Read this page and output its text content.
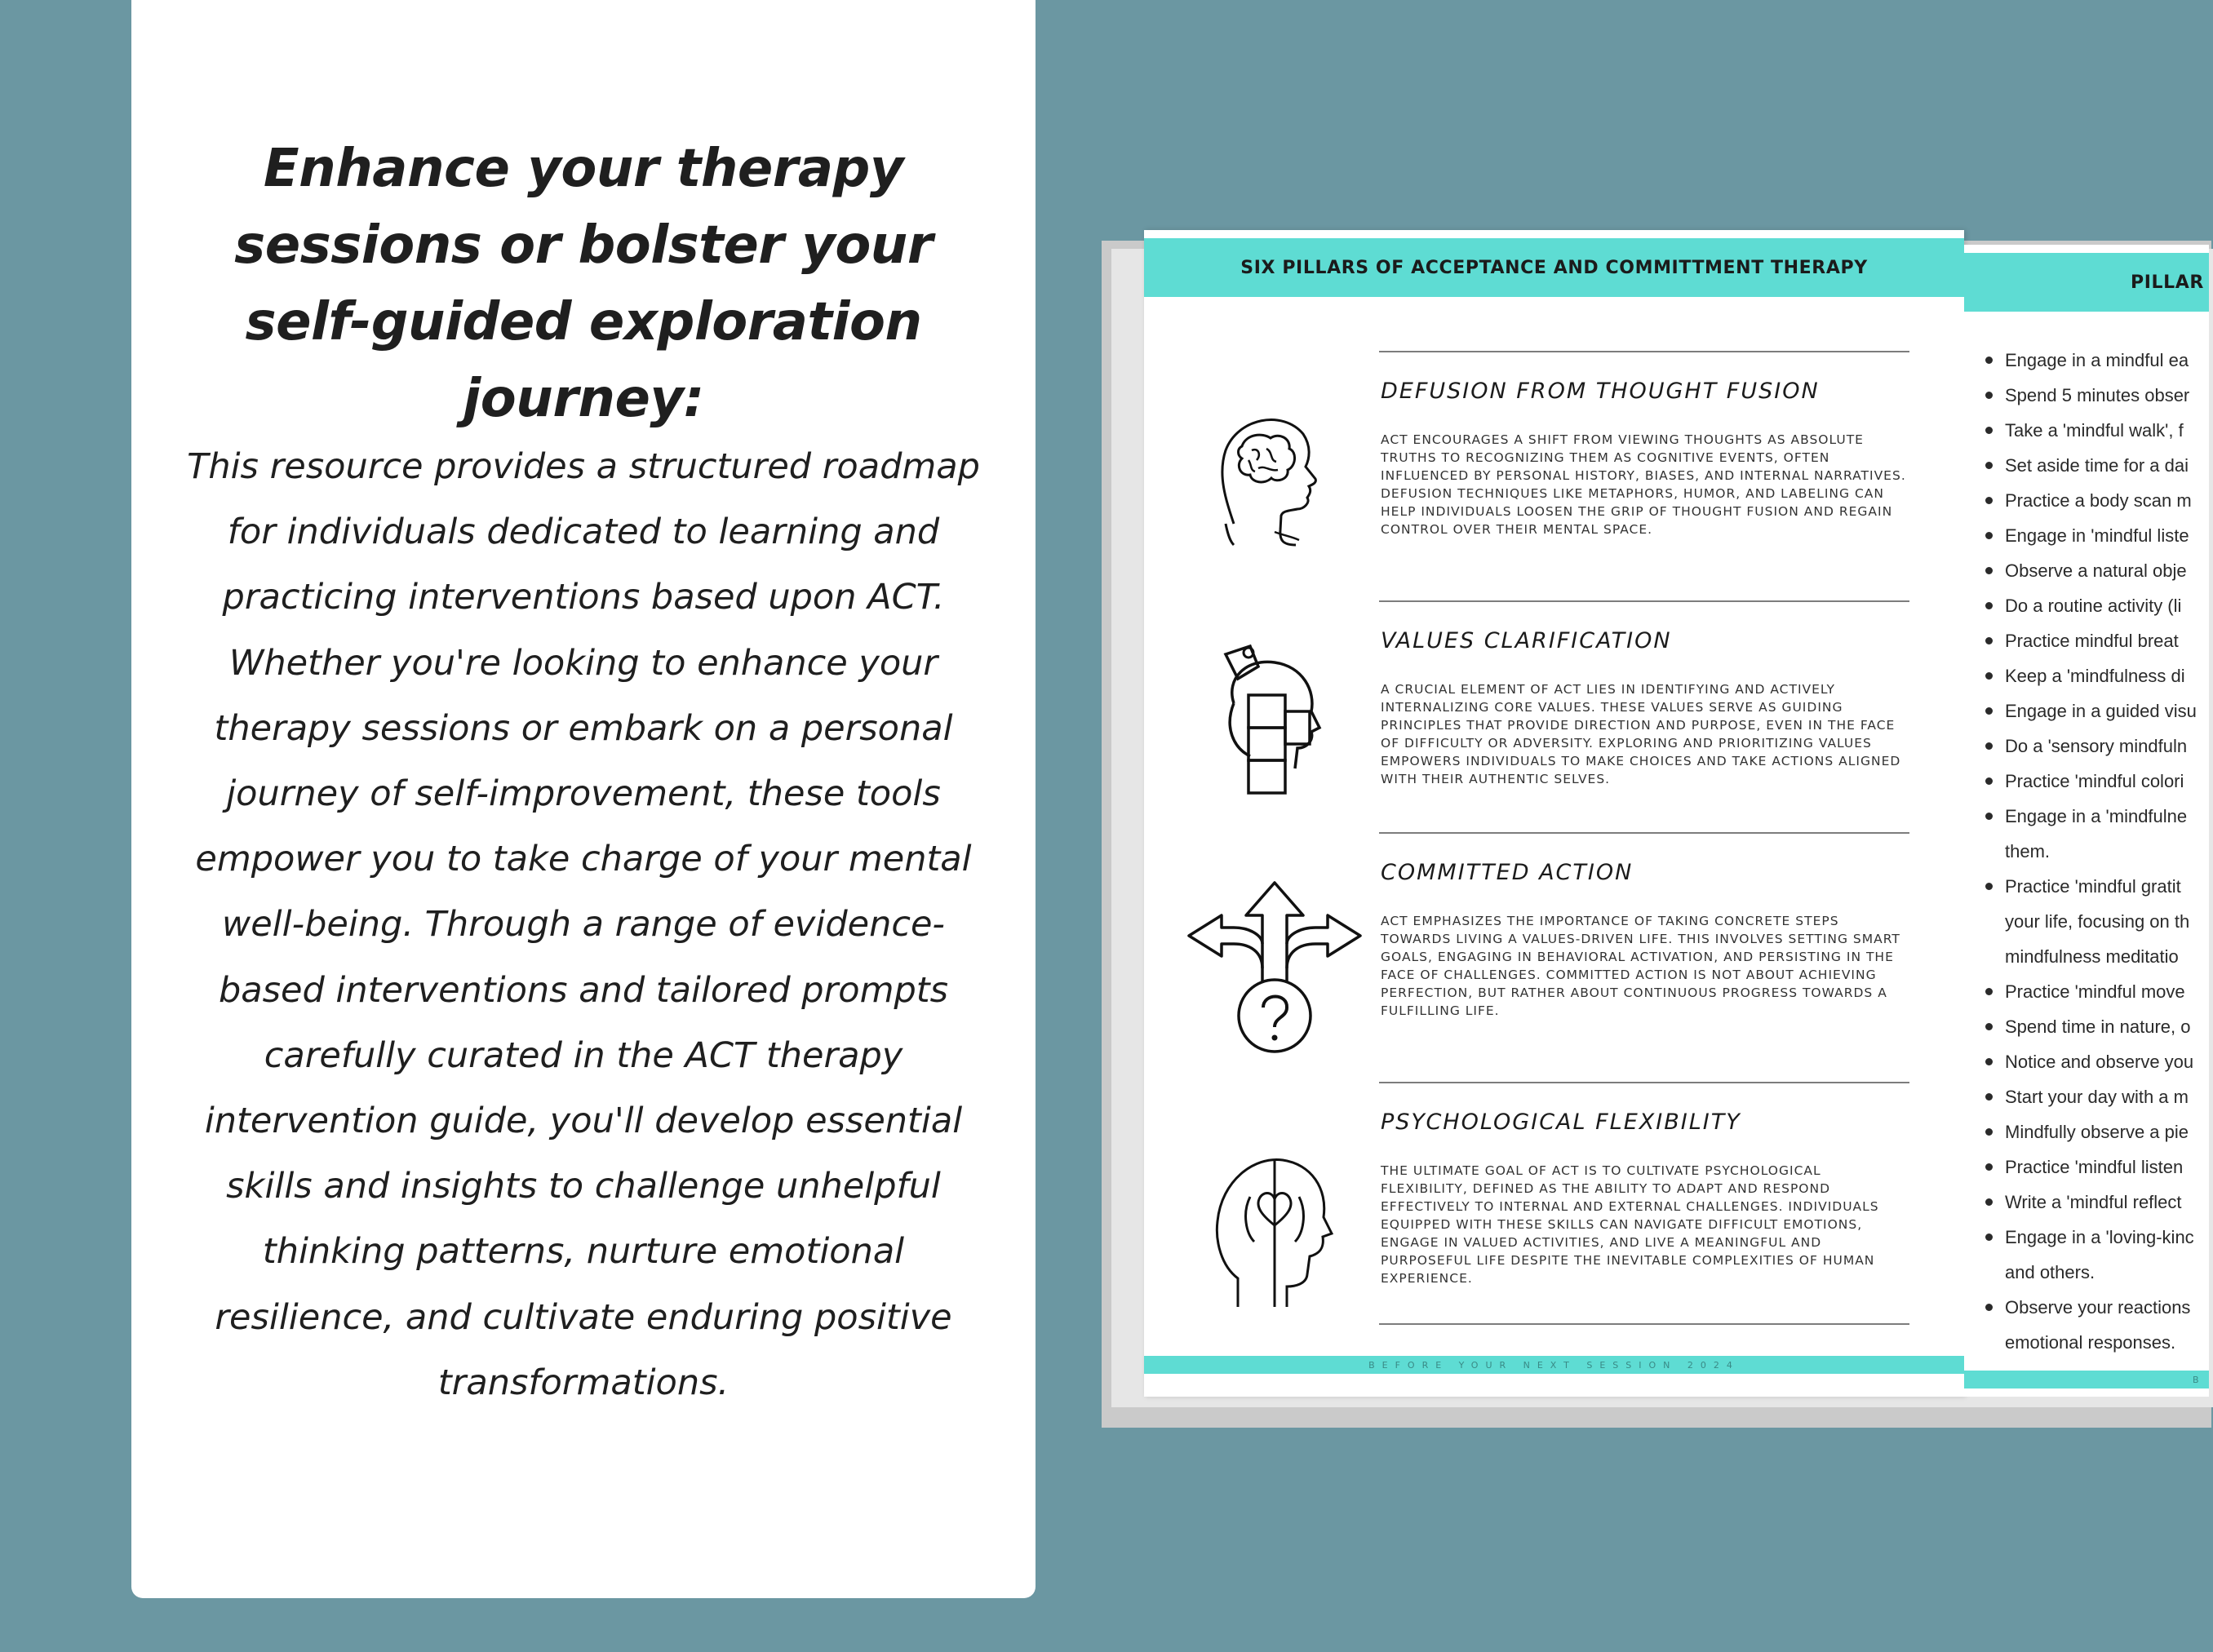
Enhance your therapy sessions or bolster your self-guided exploration journey:

This resource provides a structured roadmap for individuals dedicated to learning and practicing interventions based upon ACT. Whether you're looking to enhance your therapy sessions or embark on a personal journey of self-improvement, these tools empower you to take charge of your mental well-being. Through a range of evidence-based interventions and tailored prompts carefully curated in the ACT therapy intervention guide, you'll develop essential skills and insights to challenge unhelpful thinking patterns, nurture emotional resilience, and cultivate enduring positive transformations.

SIX PILLARS OF ACCEPTANCE AND COMMITTMENT THERAPY
DEFUSION FROM THOUGHT FUSION
ACT ENCOURAGES A SHIFT FROM VIEWING THOUGHTS AS ABSOLUTE TRUTHS TO RECOGNIZING THEM AS COGNITIVE EVENTS, OFTEN INFLUENCED BY PERSONAL HISTORY, BIASES, AND INTERNAL NARRATIVES. DEFUSION TECHNIQUES LIKE METAPHORS, HUMOR, AND LABELING CAN HELP INDIVIDUALS LOOSEN THE GRIP OF THOUGHT FUSION AND REGAIN CONTROL OVER THEIR MENTAL SPACE.
VALUES CLARIFICATION
A CRUCIAL ELEMENT OF ACT LIES IN IDENTIFYING AND ACTIVELY INTERNALIZING CORE VALUES. THESE VALUES SERVE AS GUIDING PRINCIPLES THAT PROVIDE DIRECTION AND PURPOSE, EVEN IN THE FACE OF DIFFICULTY OR ADVERSITY. EXPLORING AND PRIORITIZING VALUES EMPOWERS INDIVIDUALS TO MAKE CHOICES AND TAKE ACTIONS ALIGNED WITH THEIR AUTHENTIC SELVES.
COMMITTED ACTION
ACT EMPHASIZES THE IMPORTANCE OF TAKING CONCRETE STEPS TOWARDS LIVING A VALUES-DRIVEN LIFE. THIS INVOLVES SETTING SMART GOALS, ENGAGING IN BEHAVIORAL ACTIVATION, AND PERSISTING IN THE FACE OF CHALLENGES. COMMITTED ACTION IS NOT ABOUT ACHIEVING PERFECTION, BUT RATHER ABOUT CONTINUOUS PROGRESS TOWARDS A FULFILLING LIFE.
PSYCHOLOGICAL FLEXIBILITY
THE ULTIMATE GOAL OF ACT IS TO CULTIVATE PSYCHOLOGICAL FLEXIBILITY, DEFINED AS THE ABILITY TO ADAPT AND RESPOND EFFECTIVELY TO INTERNAL AND EXTERNAL CHALLENGES. INDIVIDUALS EQUIPPED WITH THESE SKILLS CAN NAVIGATE DIFFICULT EMOTIONS, ENGAGE IN VALUED ACTIVITIES, AND LIVE A MEANINGFUL AND PURPOSEFUL LIFE DESPITE THE INEVITABLE COMPLEXITIES OF HUMAN EXPERIENCE.
BEFORE YOUR NEXT SESSION 2024
PILLAR
Engage in a mindful ea
Spend 5 minutes obser
Take a 'mindful walk', f
Set aside time for a dai
Practice a body scan m
Engage in 'mindful liste
Observe a natural obje
Do a routine activity (li
Practice mindful breat
Keep a 'mindfulness di
Engage in a guided visu
Do a 'sensory mindfuln
Practice 'mindful colori
Engage in a 'mindfulne
them.
Practice 'mindful gratit
your life, focusing on th
mindfulness meditatio
Practice 'mindful move
Spend time in nature, o
Notice and observe you
Start your day with a m
Mindfully observe a pie
Practice 'mindful listen
Write a 'mindful reflect
Engage in a 'loving-kinc
and others.
Observe your reactions
emotional responses.
B
